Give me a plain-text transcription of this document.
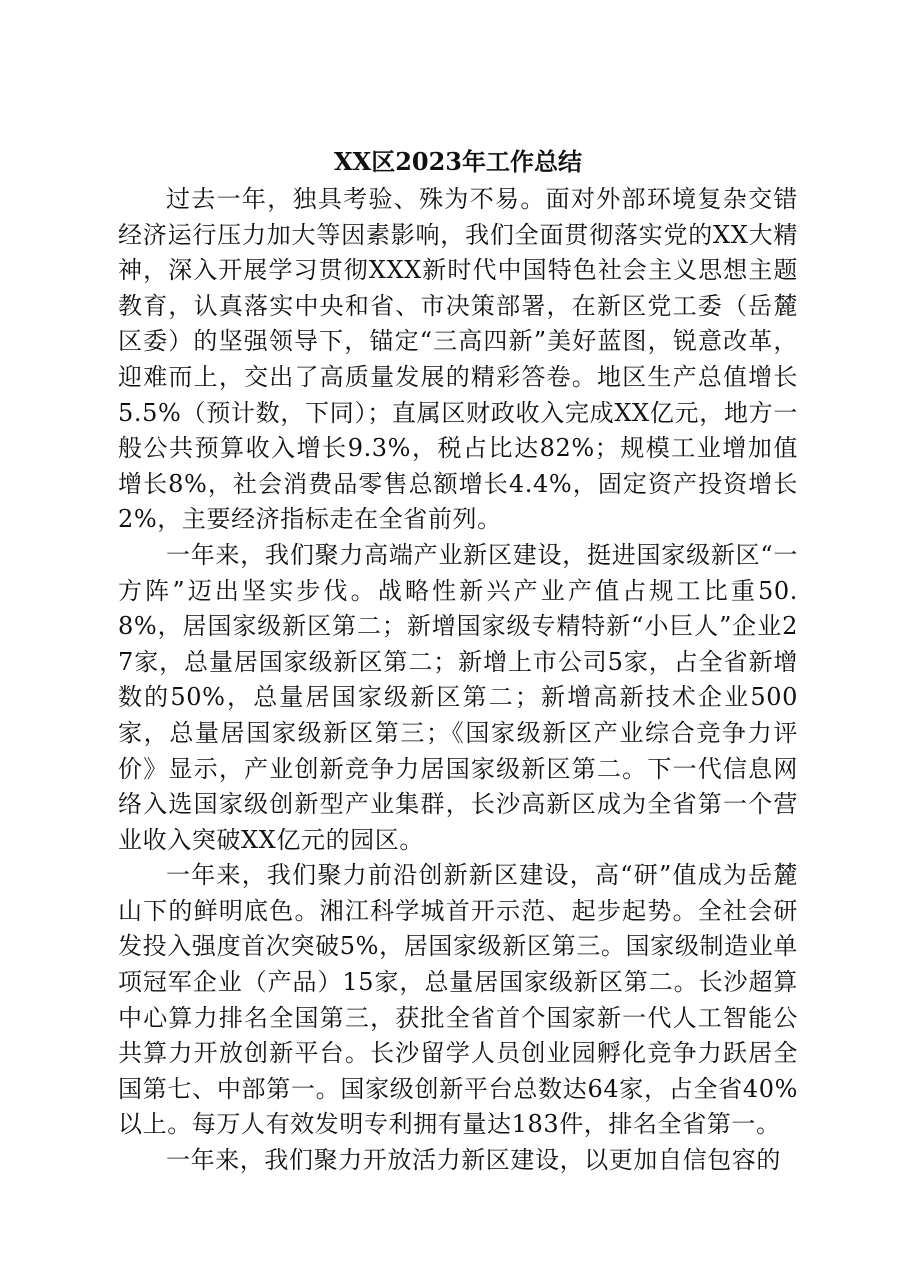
XX区2023年工作总结

过去一年，独具考验、殊为不易。面对外部环境复杂交错经济运行压力加大等因素影响，我们全面贯彻落实党的XX大精神，深入开展学习贯彻XXX新时代中国特色社会主义思想主题教育，认真落实中央和省、市决策部署，在新区党工委（岳麓区委）的坚强领导下，锚定“三高四新”美好蓝图，锐意改革，迎难而上，交出了高质量发展的精彩答卷。地区生产总值增长5.5%（预计数，下同）；直属区财政收入完成XX亿元，地方一般公共预算收入增长9.3%，税占比达82%；规模工业增加值增长8%，社会消费品零售总额增长4.4%，固定资产投资增长2%，主要经济指标走在全省前列。

一年来，我们聚力高端产业新区建设，挺进国家级新区“一方阵”迈出坚实步伐。战略性新兴产业产值占规工比重50.8%，居国家级新区第二；新增国家级专精特新“小巨人”企业27家，总量居国家级新区第二；新增上市公司5家，占全省新增数的50%，总量居国家级新区第二；新增高新技术企业500家，总量居国家级新区第三；《国家级新区产业综合竞争力评价》显示，产业创新竞争力居国家级新区第二。下一代信息网络入选国家级创新型产业集群，长沙高新区成为全省第一个营业收入突破XX亿元的园区。

一年来，我们聚力前沿创新新区建设，高“研”值成为岳麓山下的鲜明底色。湘江科学城首开示范、起步起势。全社会研发投入强度首次突破5%，居国家级新区第三。国家级制造业单项冠军企业（产品）15家，总量居国家级新区第二。长沙超算中心算力排名全国第三，获批全省首个国家新一代人工智能公共算力开放创新平台。长沙留学人员创业园孵化竞争力跃居全国第七、中部第一。国家级创新平台总数达64家，占全省40%以上。每万人有效发明专利拥有量达183件，排名全省第一。

一年来，我们聚力开放活力新区建设，以更加自信包容的
